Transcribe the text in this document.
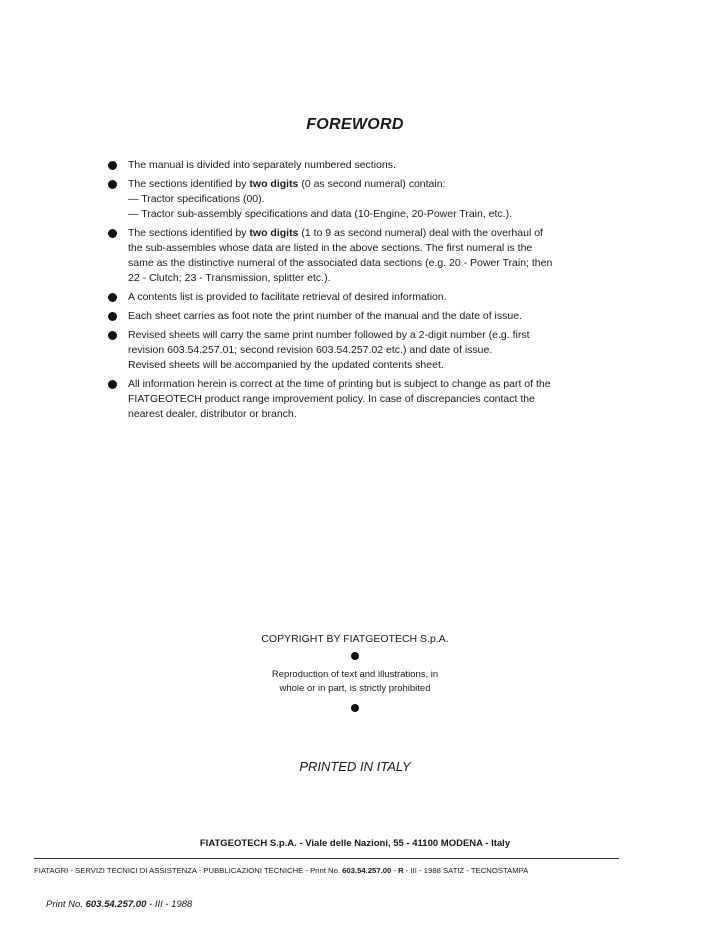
FOREWORD
The manual is divided into separately numbered sections.
The sections identified by two digits (0 as second numeral) contain:
— Tractor specifications (00).
— Tractor sub-assembly specifications and data (10-Engine, 20-Power Train, etc.).
The sections identified by two digits (1 to 9 as second numeral) deal with the overhaul of the sub-assembles whose data are listed in the above sections. The first numeral is the same as the distinctive numeral of the associated data sections (e.g. 20 - Power Train; then 22 - Clutch; 23 - Transmission, splitter etc.).
A contents list is provided to facilitate retrieval of desired information.
Each sheet carries as foot note the print number of the manual and the date of issue.
Revised sheets will carry the same print number followed by a 2-digit number (e.g. first revision 603.54.257.01; second revision 603.54.257.02 etc.) and date of issue.
Revised sheets will be accompanied by the updated contents sheet.
All information herein is correct at the time of printing but is subject to change as part of the FIATGEOTECH product range improvement policy. In case of discrepancies contact the nearest dealer, distributor or branch.
COPYRIGHT BY FIATGEOTECH S.p.A.
Reproduction of text and illustrations, in
whole or in part, is strictly prohibited
PRINTED IN ITALY
FIATGEOTECH S.p.A. - Viale delle Nazioni, 55 - 41100 MODENA - Italy
FIATAGRI - SERVIZI TECNICI DI ASSISTENZA - PUBBLICAZIONI TECNICHE - Print No. 603.54.257.00 - R - III - 1988 SATIZ - TECNOSTAMPA
Print No. 603.54.257.00 - III - 1988
